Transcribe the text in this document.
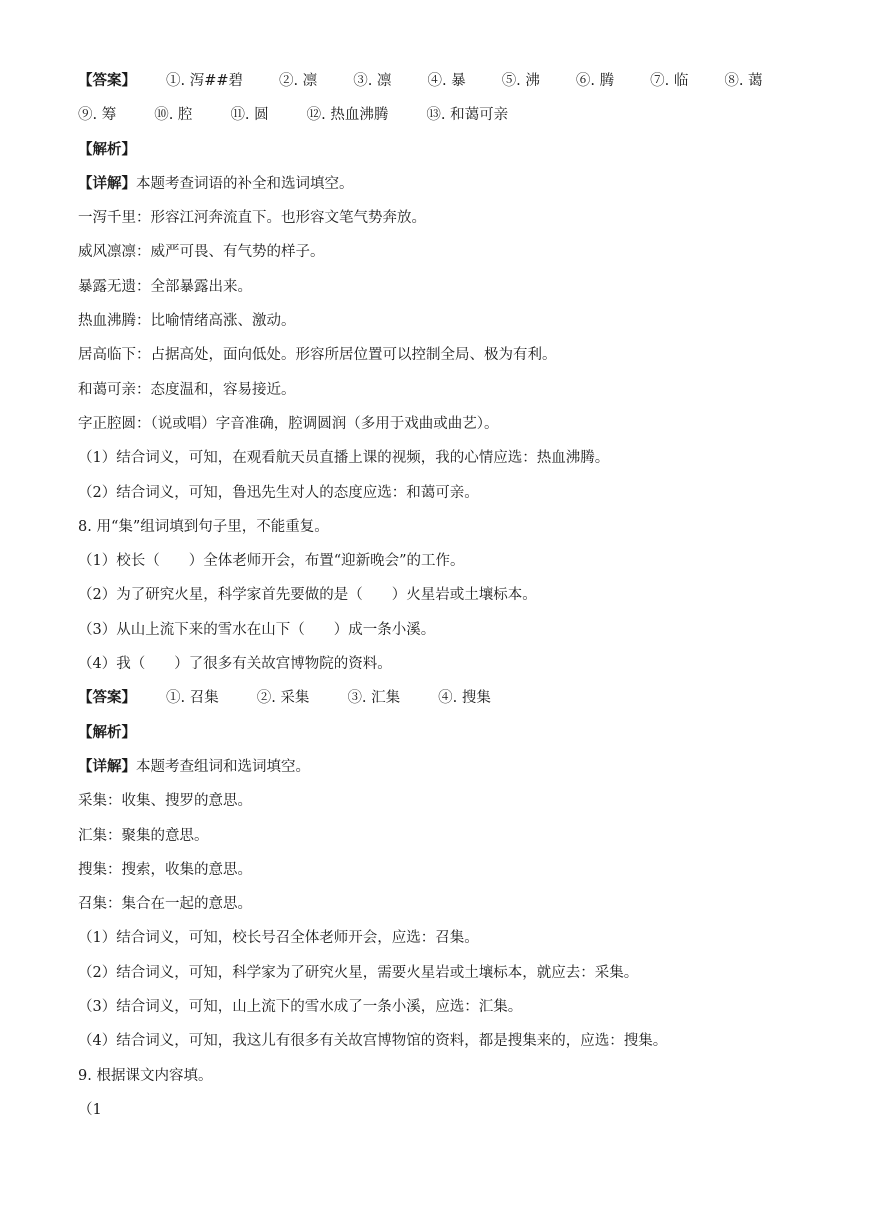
【答案】	①. 泻##碧 ②. 凛 ③. 凛 ④. 暴 ⑤. 沸 ⑥. 腾 ⑦. 临 ⑧. 蔼
⑨. 筹	⑩. 腔	⑪. 圆	⑫. 热血沸腾	⑬. 和蔼可亲
【解析】
【详解】本题考查词语的补全和选词填空。
一泻千里：形容江河奔流直下。也形容文笔气势奔放。
威风凛凛：威严可畏、有气势的样子。
暴露无遗：全部暴露出来。
热血沸腾：比喻情绪高涨、激动。
居高临下：占据高处，面向低处。形容所居位置可以控制全局、极为有利。
和蔼可亲：态度温和，容易接近。
字正腔圆：（说或唱）字音准确，腔调圆润（多用于戏曲或曲艺）。
（1）结合词义，可知，在观看航天员直播上课的视频，我的心情应选：热血沸腾。
（2）结合词义，可知，鲁迅先生对人的态度应选：和蔼可亲。
8. 用“集”组词填到句子里，不能重复。
（1）校长（　　）全体老师开会，布置“迎新晚会”的工作。
（2）为了研究火星，科学家首先要做的是（　　）火星岩或土壤标本。
（3）从山上流下来的雪水在山下（　　）成一条小溪。
（4）我（　　）了很多有关故宫博物院的资料。
【答案】	①. 召集	②. 采集	③. 汇集	④. 搜集
【解析】
【详解】本题考查组词和选词填空。
采集：收集、搜罗的意思。
汇集：聚集的意思。
搜集：搜索，收集的意思。
召集：集合在一起的意思。
（1）结合词义，可知，校长号召全体老师开会，应选：召集。
（2）结合词义，可知，科学家为了研究火星，需要火星岩或土壤标本，就应去：采集。
（3）结合词义，可知，山上流下的雪水成了一条小溪，应选：汇集。
（4）结合词义，可知，我这儿有很多有关故宫博物馆的资料，都是搜集来的，应选：搜集。
9. 根据课文内容填。
（1
